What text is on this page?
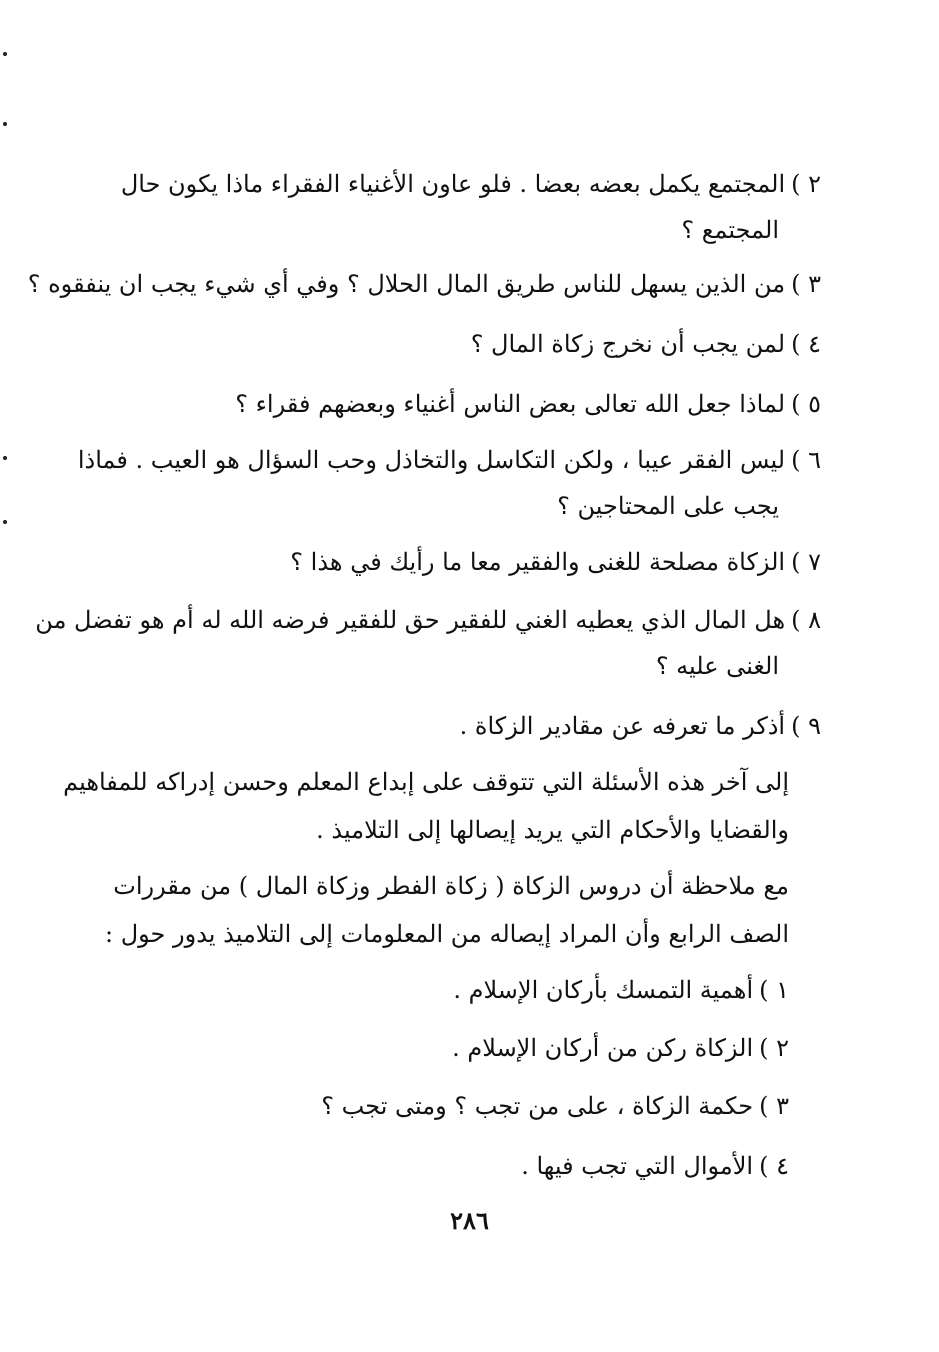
٢ )المجتمع يكمل بعضه بعضا . فلو عاون الأغنياء الفقراء ماذا يكون حال
المجتمع ؟
٣ )من الذين يسهل للناس طريق المال الحلال ؟ وفي أي شيء يجب ان ينفقوه ؟
٤ )لمن يجب أن نخرج زكاة المال ؟
٥ )لماذا جعل الله تعالى بعض الناس أغنياء وبعضهم فقراء ؟
٦ )ليس الفقر عيبا ، ولكن التكاسل والتخاذل وحب السؤال هو العيب . فماذا
يجب على المحتاجين ؟
٧ )الزكاة مصلحة للغنى والفقير معا ما رأيك في هذا ؟
٨ )هل المال الذي يعطيه الغني للفقير حق للفقير فرضه الله له أم هو تفضل من
الغنى عليه ؟
٩ )أذكر ما تعرفه عن مقادير الزكاة .
إلى آخر هذه الأسئلة التي تتوقف على إبداع المعلم وحسن إدراكه للمفاهيم
والقضايا والأحكام التي يريد إيصالها إلى التلاميذ .
مع ملاحظة أن دروس الزكاة ( زكاة الفطر وزكاة المال ) من مقررات
الصف الرابع وأن المراد إيصاله من المعلومات إلى التلاميذ يدور حول :
١ )أهمية التمسك بأركان الإسلام .
٢ )الزكاة ركن من أركان الإسلام .
٣ )حكمة الزكاة ، على من تجب ؟ ومتى تجب ؟
٤ )الأموال التي تجب فيها .
٢٨٦
